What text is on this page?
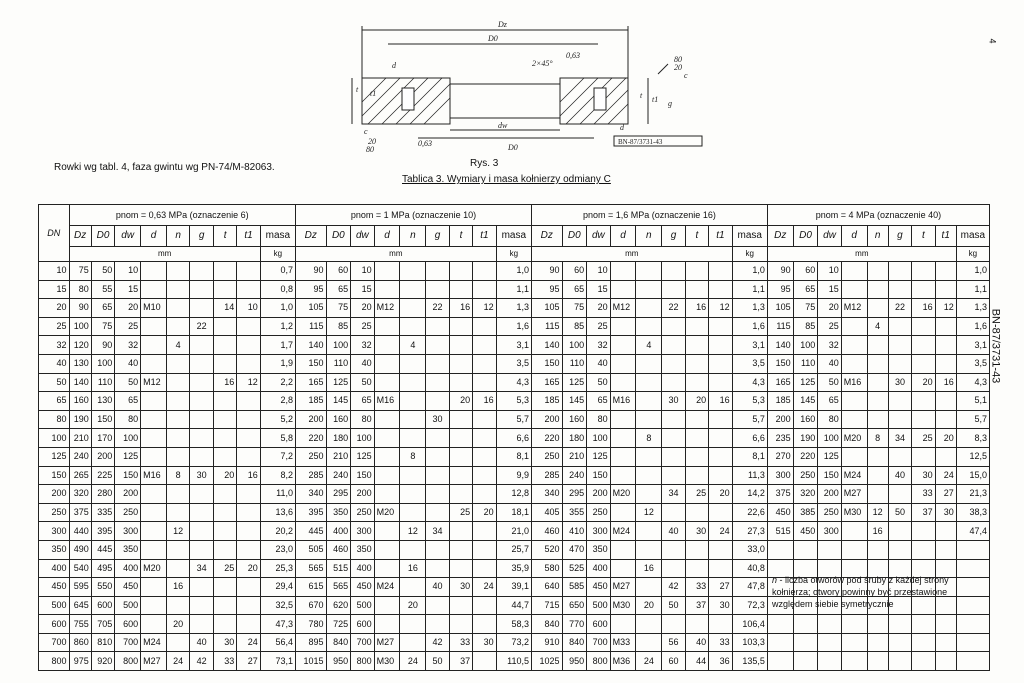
Dz
D0
2×45°
0,63	80
20
c
d
dw
D0
t t1
g
t1
t
c
20
80
0,63
d
BN-87/3731-43
Rowki wg tabl. 4, faza gwintu wg PN-74/M-82063.	Rys. 3
Tablica 3. Wymiary i masa kołnierzy odmiany C
4
BN-87/3731-43
DN	pnom = 0,63 MPa (oznaczenie 6)									pnom = 1 MPa (oznaczenie 10)									pnom = 1,6 MPa (oznaczenie 16)									pnom = 4 MPa (oznaczenie 40)								
	Dz	D0	dw	d	n	g	t	t1	masa	Dz	D0	dw	d	n	g	t	t1	masa	Dz	D0	dw	d	n	g	t	t1	masa	Dz	D0	dw	d	n	g	t	t1	masa
	mm								kg	mm								kg	mm								kg	mm								kg
10	75	50	10						0,7	90	60	10						1,0	90	60	10						1,0	90	60	10						1,0
15	80	55	15						0,8	95	65	15						1,1	95	65	15						1,1	95	65	15						1,1
20	90	65	20	M10			14	10	1,0	105	75	20	M12		22	16	12	1,3	105	75	20	M12		22	16	12	1,3	105	75	20	M12		22	16	12	1,3
25	100	75	25			22			1,2	115	85	25						1,6	115	85	25						1,6	115	85	25		4				1,6
32	120	90	32		4				1,7	140	100	32		4				3,1	140	100	32		4				3,1	140	100	32						3,1
40	130	100	40						1,9	150	110	40						3,5	150	110	40						3,5	150	110	40						3,5
50	140	110	50	M12			16	12	2,2	165	125	50						4,3	165	125	50						4,3	165	125	50	M16		30	20	16	4,3
65	160	130	65						2,8	185	145	65	M16			20	16	5,3	185	145	65	M16		30	20	16	5,3	185	145	65						5,1
80	190	150	80						5,2	200	160	80			30			5,7	200	160	80						5,7	200	160	80						5,7
100	210	170	100						5,8	220	180	100						6,6	220	180	100		8				6,6	235	190	100	M20	8	34	25	20	8,3
125	240	200	125						7,2	250	210	125		8				8,1	250	210	125						8,1	270	220	125						12,5
150	265	225	150	M16	8	30	20	16	8,2	285	240	150						9,9	285	240	150						11,3	300	250	150	M24		40	30	24	15,0
200	320	280	200						11,0	340	295	200						12,8	340	295	200	M20		34	25	20	14,2	375	320	200	M27			33	27	21,3
250	375	335	250						13,6	395	350	250	M20			25	20	18,1	405	355	250		12				22,6	450	385	250	M30	12	50	37	30	38,3
300	440	395	300		12				20,2	445	400	300		12	34			21,0	460	410	300	M24		40	30	24	27,3	515	450	300		16				47,4
350	490	445	350						23,0	505	460	350						25,7	520	470	350						33,0									
400	540	495	400	M20		34	25	20	25,3	565	515	400		16				35,9	580	525	400		16				40,8									
450	595	550	450		16				29,4	615	565	450	M24		40	30	24	39,1	640	585	450	M27		42	33	27	47,8									
500	645	600	500						32,5	670	620	500		20				44,7	715	650	500	M30	20	50	37	30	72,3									
600	755	705	600		20				47,3	780	725	600						58,3	840	770	600						106,4									
700	860	810	700	M24		40	30	24	56,4	895	840	700	M27		42	33	30	73,2	910	840	700	M33		56	40	33	103,3									
800	975	920	800	M27	24	42	33	27	73,1	1015	950	800	M30	24	50	37		110,5	1025	950	800	M36	24	60	44	36	135,5									
n - liczba otworów pod śruby z każdej strony kołnierza; otwory powinny być przestawione względem siebie symetrycznie
